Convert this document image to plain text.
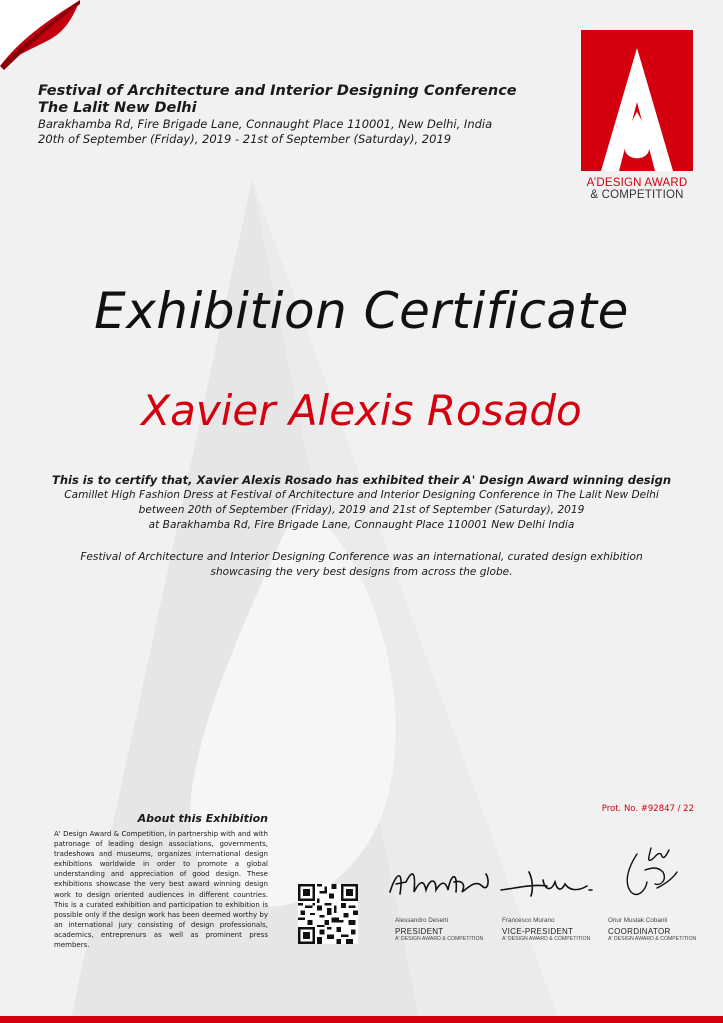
Festival of Architecture and Interior Designing Conference
The Lalit New Delhi
Barakhamba Rd, Fire Brigade Lane, Connaught Place 110001, New Delhi, India
20th of September (Friday), 2019 - 21st of September (Saturday), 2019
A’DESIGN AWARD
& COMPETITION
Exhibition Certificate
Xavier Alexis Rosado
This is to certify that, Xavier Alexis Rosado has exhibited their A' Design Award winning design
Camillet High Fashion Dress at Festival of Architecture and Interior Designing Conference in The Lalit New Delhi
between 20th of September (Friday), 2019 and 21st of September (Saturday), 2019
at Barakhamba Rd, Fire Brigade Lane, Connaught Place 110001 New Delhi India
Festival of Architecture and Interior Designing Conference was an international, curated design exhibition
showcasing the very best designs from across the globe.
About this Exhibition
A' Design Award & Competition, in partnership with and with patronage of leading design associations, governments, tradeshows and museums, organizes international design exhibitions worldwide in order to promote a global understanding and appreciation of good design. These exhibitions showcase the very best award winning design work to design oriented audiences in different countries. This is a curated exhibition and participation to exhibition is possible only if the design work has been deemed worthy by an international jury consisting of design professionals, academics, entreprenurs as well as prominent press members.
Prot. No. #92847 / 22
Alessandro Deserti
PRESIDENT
A' DESIGN AWARD & COMPETITION
Francesco Murano
VICE-PRESIDENT
A' DESIGN AWARD & COMPETITION
Onur Mustak Cobanli
COORDINATOR
A' DESIGN AWARD & COMPETITION
